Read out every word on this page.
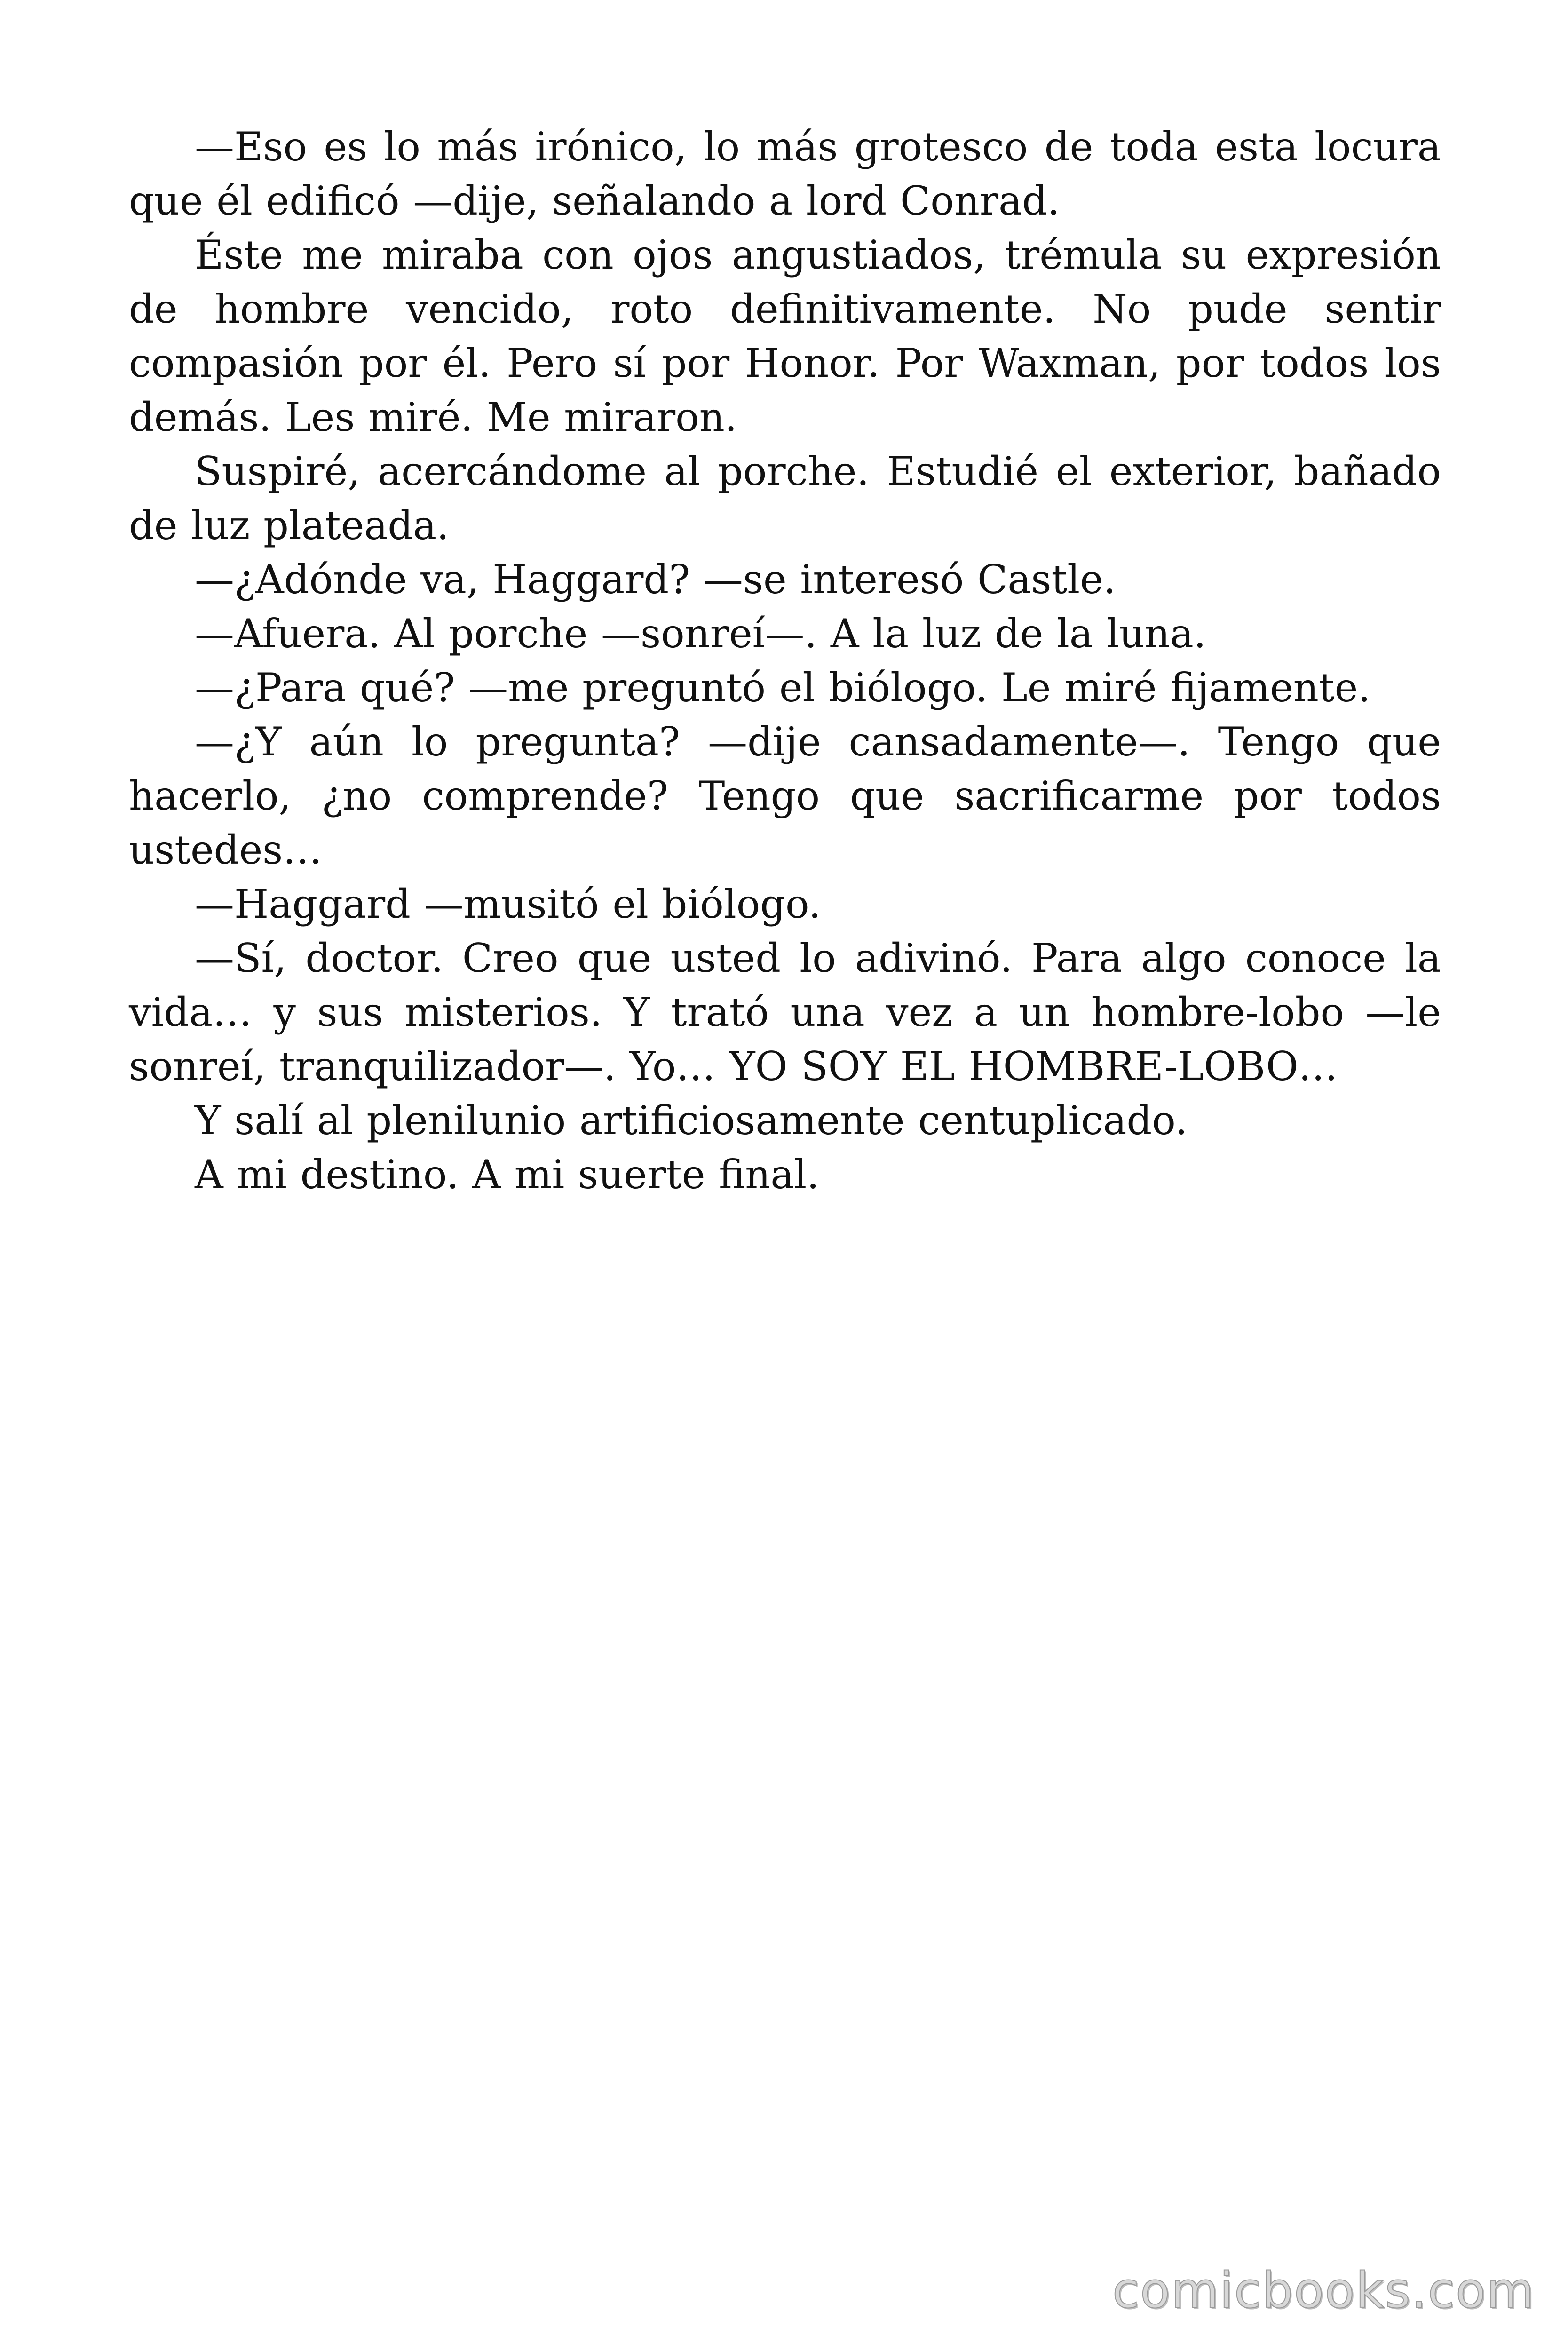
—Eso es lo más irónico, lo más grotesco de toda esta locura que él edificó —dije, señalando a lord Conrad.

Éste me miraba con ojos angustiados, trémula su expresión de hombre vencido, roto definitivamente. No pude sentir compasión por él. Pero sí por Honor. Por Waxman, por todos los demás. Les miré. Me miraron.

Suspiré, acercándome al porche. Estudié el exterior, bañado de luz plateada.

—¿Adónde va, Haggard? —se interesó Castle.

—Afuera. Al porche —sonreí—. A la luz de la luna.

—¿Para qué? —me preguntó el biólogo. Le miré fijamente.

—¿Y aún lo pregunta? —dije cansadamente—. Tengo que hacerlo, ¿no comprende? Tengo que sacrificarme por todos ustedes…

—Haggard —musitó el biólogo.

—Sí, doctor. Creo que usted lo adivinó. Para algo conoce la vida… y sus misterios. Y trató una vez a un hombre-lobo —le sonreí, tranquilizador—. Yo… YO SOY EL HOMBRE-LOBO…

Y salí al plenilunio artificiosamente centuplicado.

A mi destino. A mi suerte final.

comicbooks.com
